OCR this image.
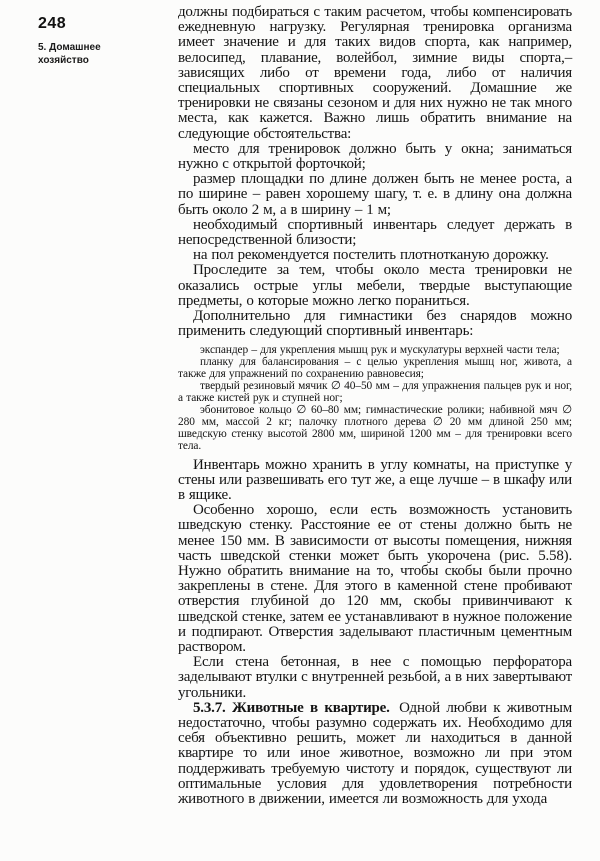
248
5. Домашнее
хозяйство

должны подбираться с таким расчетом, чтобы компенсировать ежедневную нагрузку. Регулярная тренировка организма имеет значение и для таких видов спорта, как например, велосипед, плавание, волейбол, зимние виды спорта,– зависящих либо от времени года, либо от наличия специальных спортивных сооружений. Домашние же тренировки не связаны сезоном и для них нужно не так много места, как кажется. Важно лишь обратить внимание на следующие обстоятельства:

место для тренировок должно быть у окна; заниматься нужно с открытой форточкой;

размер площадки по длине должен быть не менее роста, а по ширине – равен хорошему шагу, т. е. в длину она должна быть около 2 м, а в ширину – 1 м;

необходимый спортивный инвентарь следует держать в непосредственной близости;

на пол рекомендуется постелить плотнотканую дорожку.

Проследите за тем, чтобы около места тренировки не оказались острые углы мебели, твердые выступающие предметы, о которые можно легко пораниться.

Дополнительно для гимнастики без снарядов можно применить следующий спортивный инвентарь:

экспандер – для укрепления мышц рук и мускулатуры верхней части тела;

планку для балансирования – с целью укрепления мышц ног, живота, а также для упражнений по сохранению равновесия;

твердый резиновый мячик ∅ 40–50 мм – для упражнения пальцев рук и ног, а также кистей рук и ступней ног;

эбонитовое кольцо ∅ 60–80 мм; гимнастические ролики; набивной мяч ∅ 280 мм, массой 2 кг; палочку плотного дерева ∅ 20 мм длиной 250 мм; шведскую стенку высотой 2800 мм, шириной 1200 мм – для тренировки всего тела.

Инвентарь можно хранить в углу комнаты, на приступке у стены или развешивать его тут же, а еще лучше – в шкафу или в ящике.

Особенно хорошо, если есть возможность установить шведскую стенку. Расстояние ее от стены должно быть не менее 150 мм. В зависимости от высоты помещения, нижняя часть шведской стенки может быть укорочена (рис. 5.58). Нужно обратить внимание на то, чтобы скобы были прочно закреплены в стене. Для этого в каменной стене пробивают отверстия глубиной до 120 мм, скобы привинчивают к шведской стенке, затем ее устанавливают в нужное положение и подпирают. Отверстия заделывают пластичным цементным раствором.

Если стена бетонная, в нее с помощью перфоратора заделывают втулки с внутренней резьбой, а в них завертывают угольники.

5.3.7. Животные в квартире. Одной любви к животным недостаточно, чтобы разумно содержать их. Необходимо для себя объективно решить, может ли находиться в данной квартире то или иное животное, возможно ли при этом поддерживать требуемую чистоту и порядок, существуют ли оптимальные условия для удовлетворения потребности животного в движении, имеется ли возможность для ухода
